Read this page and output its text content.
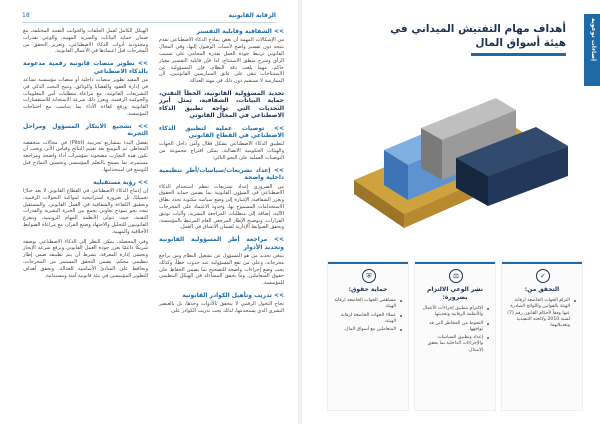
الرقابة القانونية
18
>> الشفافية وقابلية التفسير

من الإشكالات المهمة أن بعض نماذج الذكاء الاصطناعي تقدم نتيجة دون تفسير واضح لأسباب الوصول إليها، وفي المجال القانوني ترتبط جودة العمل بقدرة المحامي على تسبيب الرأي وشرح منطق الاستنتاج، لذا فإن قابلية التفسير معيار حاكم، مهما بلغت دقة النظام، فإن المسؤولية عن الاستنتاجات تبقى على عاتق الممارسين القانونيين، لأن الممارسة لا تستقيم دون ذلك في مهنة العدالة.

تحديد المسؤولية القانونية، الخطأ التقني، حماية البيانات، الشفافية، تمثل أبرز التحديات التي تواجه تطبيق الذكاء الاصطناعي في المجال القانوني
>> توصيات عملية لتطبيق الذكاء الاصطناعي في القطاع القانوني

لتطبيق الذكاء الاصطناعي بشكل فعّال وآمن داخل الجهات والهيئات الحكومية الاتصالية، يمكن اقتراح مجموعة من التوصيات العملية على النحو التالي:

>> إعداد تشريعات/سياسات/أطر تنظيمية داخلية واضحة

من الضروري إعداد تشريعات تنظم استخدام الذكاء الاصطناعي في الشؤون القانونية بما يضمن حماية الحقوق ويعزز الشفافية، الإشارة إلى وضع سياسة مكتوبة تحدد نطاق الاستخدامات المسموح بها، وحدود الاعتماد على المخرجات الآلية، إضافة إلى متطلبات المراجعة البشرية، وآليات توثيق القرارات، وتوضيح الإطار المرجعي العام المرتبط بالمؤسسة، ويحقق الضوابط الإدارية لضمان الاتساق في العمل.

>> مراجعة أطر المسؤولية القانونية وتحديد الأدوار

ينبغي تحديد من هو المسؤول عن تشغيل النظام ومن يراجع مخرجاته، وعلى من تقع المسؤولية عند حدوث خطأ، وكذلك يجب وضع إجراءات واضحة للتصحيح بما يضمن الحفاظ على حقوق المتعاملين، وما يحقق المساءلة في الهيكل التنظيمي للمؤسسة.

>> تدريب وتأهيل الكوادر القانونية

نجاح التحول الرقمي لا يتحقق بالأدوات وحدها، بل بالعنصر البشري الذي يستخدمها، لذلك يجب تدريب الكوادر على

الهيكل الكامل لعمل الحلقات والجوانب التقنية المختلفة، مع ضمان حماية البيانات والسرية المهنية، والوعي بقدرات ومحدودية أدوات الذكاء الاصطناعي، وتعزيز التحقق من المخرجات قبل اعتمادها في الأعمال القانونية.

>> تطوير منصات قانونية رقمية مدعومة بالذكاء الاصطناعي

من المفيد تطوير منصات داخلية أو منصات مؤسسية تساعد في إدارة العقود والقضايا والوثائق، وتتيح البحث الذكي في التشريعات القانونية، مع مراعاة متطلبات أمن المعلومات والحوكمة الرقمية، ويعزز ذلك سرعة الاستجابة للاستفسارات القانونية ورفع كفاءة الأداء بما يتناسب مع احتياجات المؤسسة.

>> تشجيع الابتكار المسؤول ومراحل التجربة

يفضل البدء بمشاريع تجريبية (Pilot) في مجالات منخفضة المخاطر، ثم التوسع بعد تقييم النتائج وقياس الأثر، ويجب أن تكون هذه التجارب مصحوبة بمؤشرات أداء واضحة ومراجعة مستمرة، بما يسمح بالتعلم المؤسسي وتحسين النماذج قبل التوسع في استخدامها.

>> رؤية مستقبلية

إن إدماج الذكاء الاصطناعي في القطاع القانوني لا يعد خيارًا تجميليًا، بل ضرورة استراتيجية لمواكبة التحولات الرقمية، وتحقيق الكفاءة والشفافية في العمل القانوني. والمستقبل يتجه نحو نموذج تعاوني يجمع بين الخبرة البشرية والقدرات التقنية، حيث تتولى الأنظمة المهام الروتينية، ويتفرغ القانونيون للتحليل والاجتهاد وصنع القرار، مع مراعاة الضوابط الأخلاقية والمهنية.

وفي المحصلة، يمكن النظر إلى الذكاء الاصطناعي بوصفه شريكًا داعمًا يعزز جودة العمل القانوني ويرفع سرعة الإنجاز ويحسن إدارة المعرفة، بشرط أن يتم تطبيقه ضمن إطار تنظيمي محكم، يضمن التحقق المستمر من المخرجات، ويحافظ على المبادئ الأساسية للعدالة، ويحقق أهداف التطوير المؤسسي في بيئة قانونية آمنة ومستدامة.

إضاءات توعوية
أهداف مهام التفتيش الميداني في هيئة أسواق المال
✓
التحقق من:
التزام الجهات الخاضعة لرقابة الهيئة بالقوانين واللوائح الصادرة عنها وفقاً لأحكام القانون رقم (7) لسنة 2010 ولائحته التنفيذية وتعديلاتهما.
⚖
نشر الوعي الالتزام بضرورة:
الالتزام بتطبيق إجراءات الأعمال والأنظمة الرقابية وتحديثها.
التحوط من المخاطر التي قد تواجهها.
إعداد وتطبيق السياسات والإجراءات الداخلية بما يحقق الامتثال.
⛨
حماية حقوق:
مساهمي الجهات الخاضعة لرقابة الهيئة.
عملاء الجهات الخاضعة لرقابة الهيئة.
المتعاملين مع أسواق المال.
